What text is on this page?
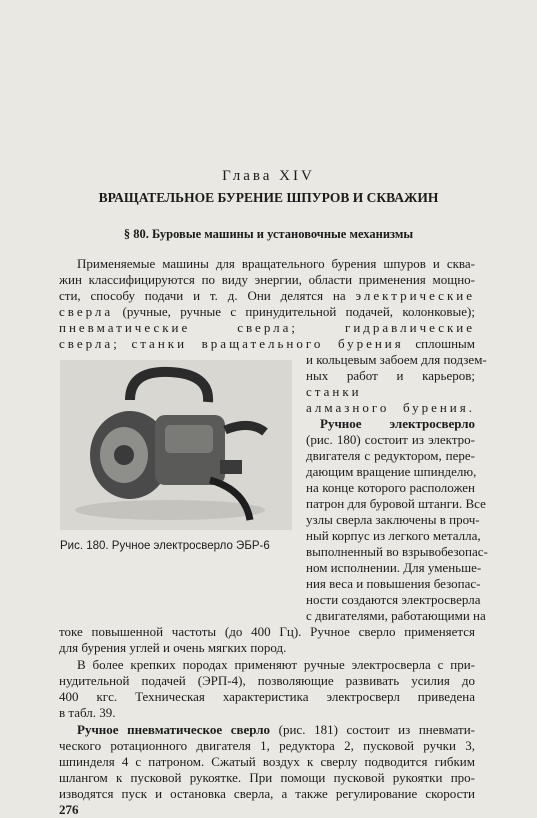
Глава XIV
ВРАЩАТЕЛЬНОЕ БУРЕНИЕ ШПУРОВ И СКВАЖИН
§ 80. Буровые машины и установочные механизмы
Применяемые машины для вращательного бурения шпуров и сква-
жин классифицируются по виду энергии, области применения мощно-
сти, способу подачи и т. д. Они делятся на электрические
сверла (ручные, ручные с принудительной подачей, колонковые);
пневматические	сверла;	гидравлические
сверла; станки вращательного бурения сплошным
Рис. 180. Ручное электросверло ЭБР-6
и кольцевым забоем для подзем-
ных работ и карьеров;
станки
алмазного бурения.
Ручное электросверло
(рис. 180) состоит из электро-
двигателя с редуктором, пере-
дающим вращение шпинделю,
на конце которого расположен
патрон для буровой штанги. Все
узлы сверла заключены в проч-
ный корпус из легкого металла,
выполненный во взрывобезопас-
ном исполнении. Для уменьше-
ния веса и повышения безопас-
ности создаются электросверла
с двигателями, работающими на
токе повышенной частоты (до 400 Гц). Ручное сверло применяется
для бурения углей и очень мягких пород.
В более крепких породах применяют ручные электросверла с при-
нудительной подачей (ЭРП-4), позволяющие развивать усилия до
400 кгс. Техническая характеристика электросверл приведена
в табл. 39.
Ручное пневматическое сверло (рис. 181) состоит из пневмати-
ческого ротационного двигателя 1, редуктора 2, пусковой ручки 3,
шпинделя 4 с патроном. Сжатый воздух к сверлу подводится гибким
шлангом к пусковой рукоятке. При помощи пусковой рукоятки про-
изводятся пуск и остановка сверла, а также регулирование скорости
276
